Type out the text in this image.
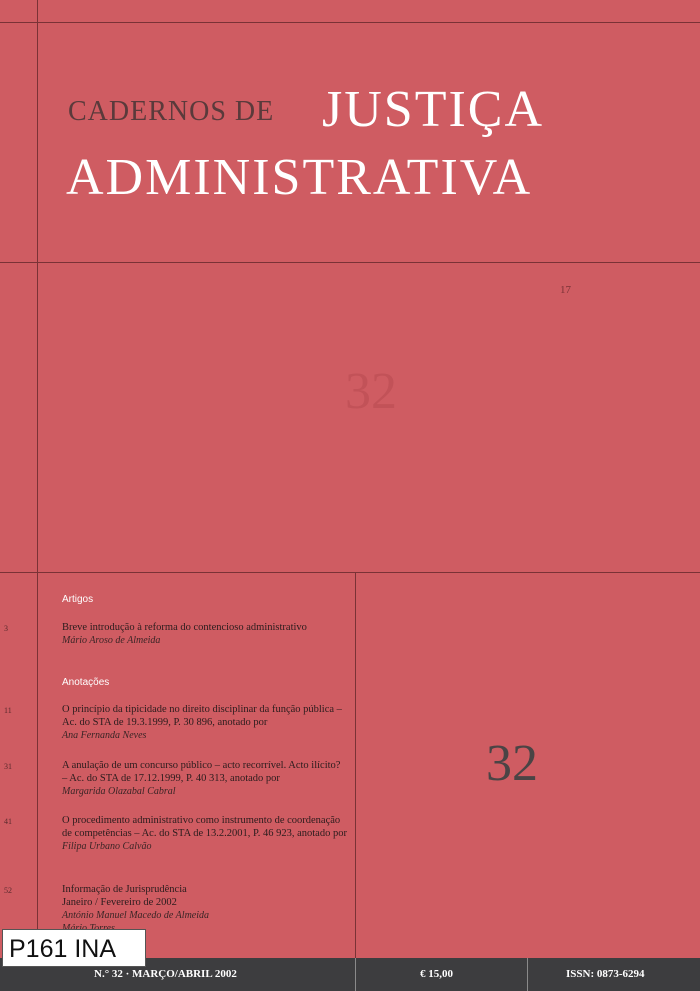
CADERNOS DE JUSTIÇA
ADMINISTRATIVA
17
32
Artigos
3	Breve introdução à reforma do contencioso administrativo
Mário Aroso de Almeida
Anotações
11	O princípio da tipicidade no direito disciplinar da função pública – Ac. do STA de 19.3.1999, P. 30 896, anotado por
Ana Fernanda Neves
31	A anulação de um concurso público – acto recorrível. Acto ilícito? – Ac. do STA de 17.12.1999, P. 40 313, anotado por
Margarida Olazabal Cabral
41	O procedimento administrativo como instrumento de coordenação de competências – Ac. do STA de 13.2.2001, P. 46 923, anotado por
Filipa Urbano Calvão
52	Informação de Jurisprudência
Janeiro / Fevereiro de 2002
António Manuel Macedo de Almeida
32
N.° 32 · MARÇO/ABRIL 2002	€ 15,00	ISSN: 0873-6294
P161 INA
